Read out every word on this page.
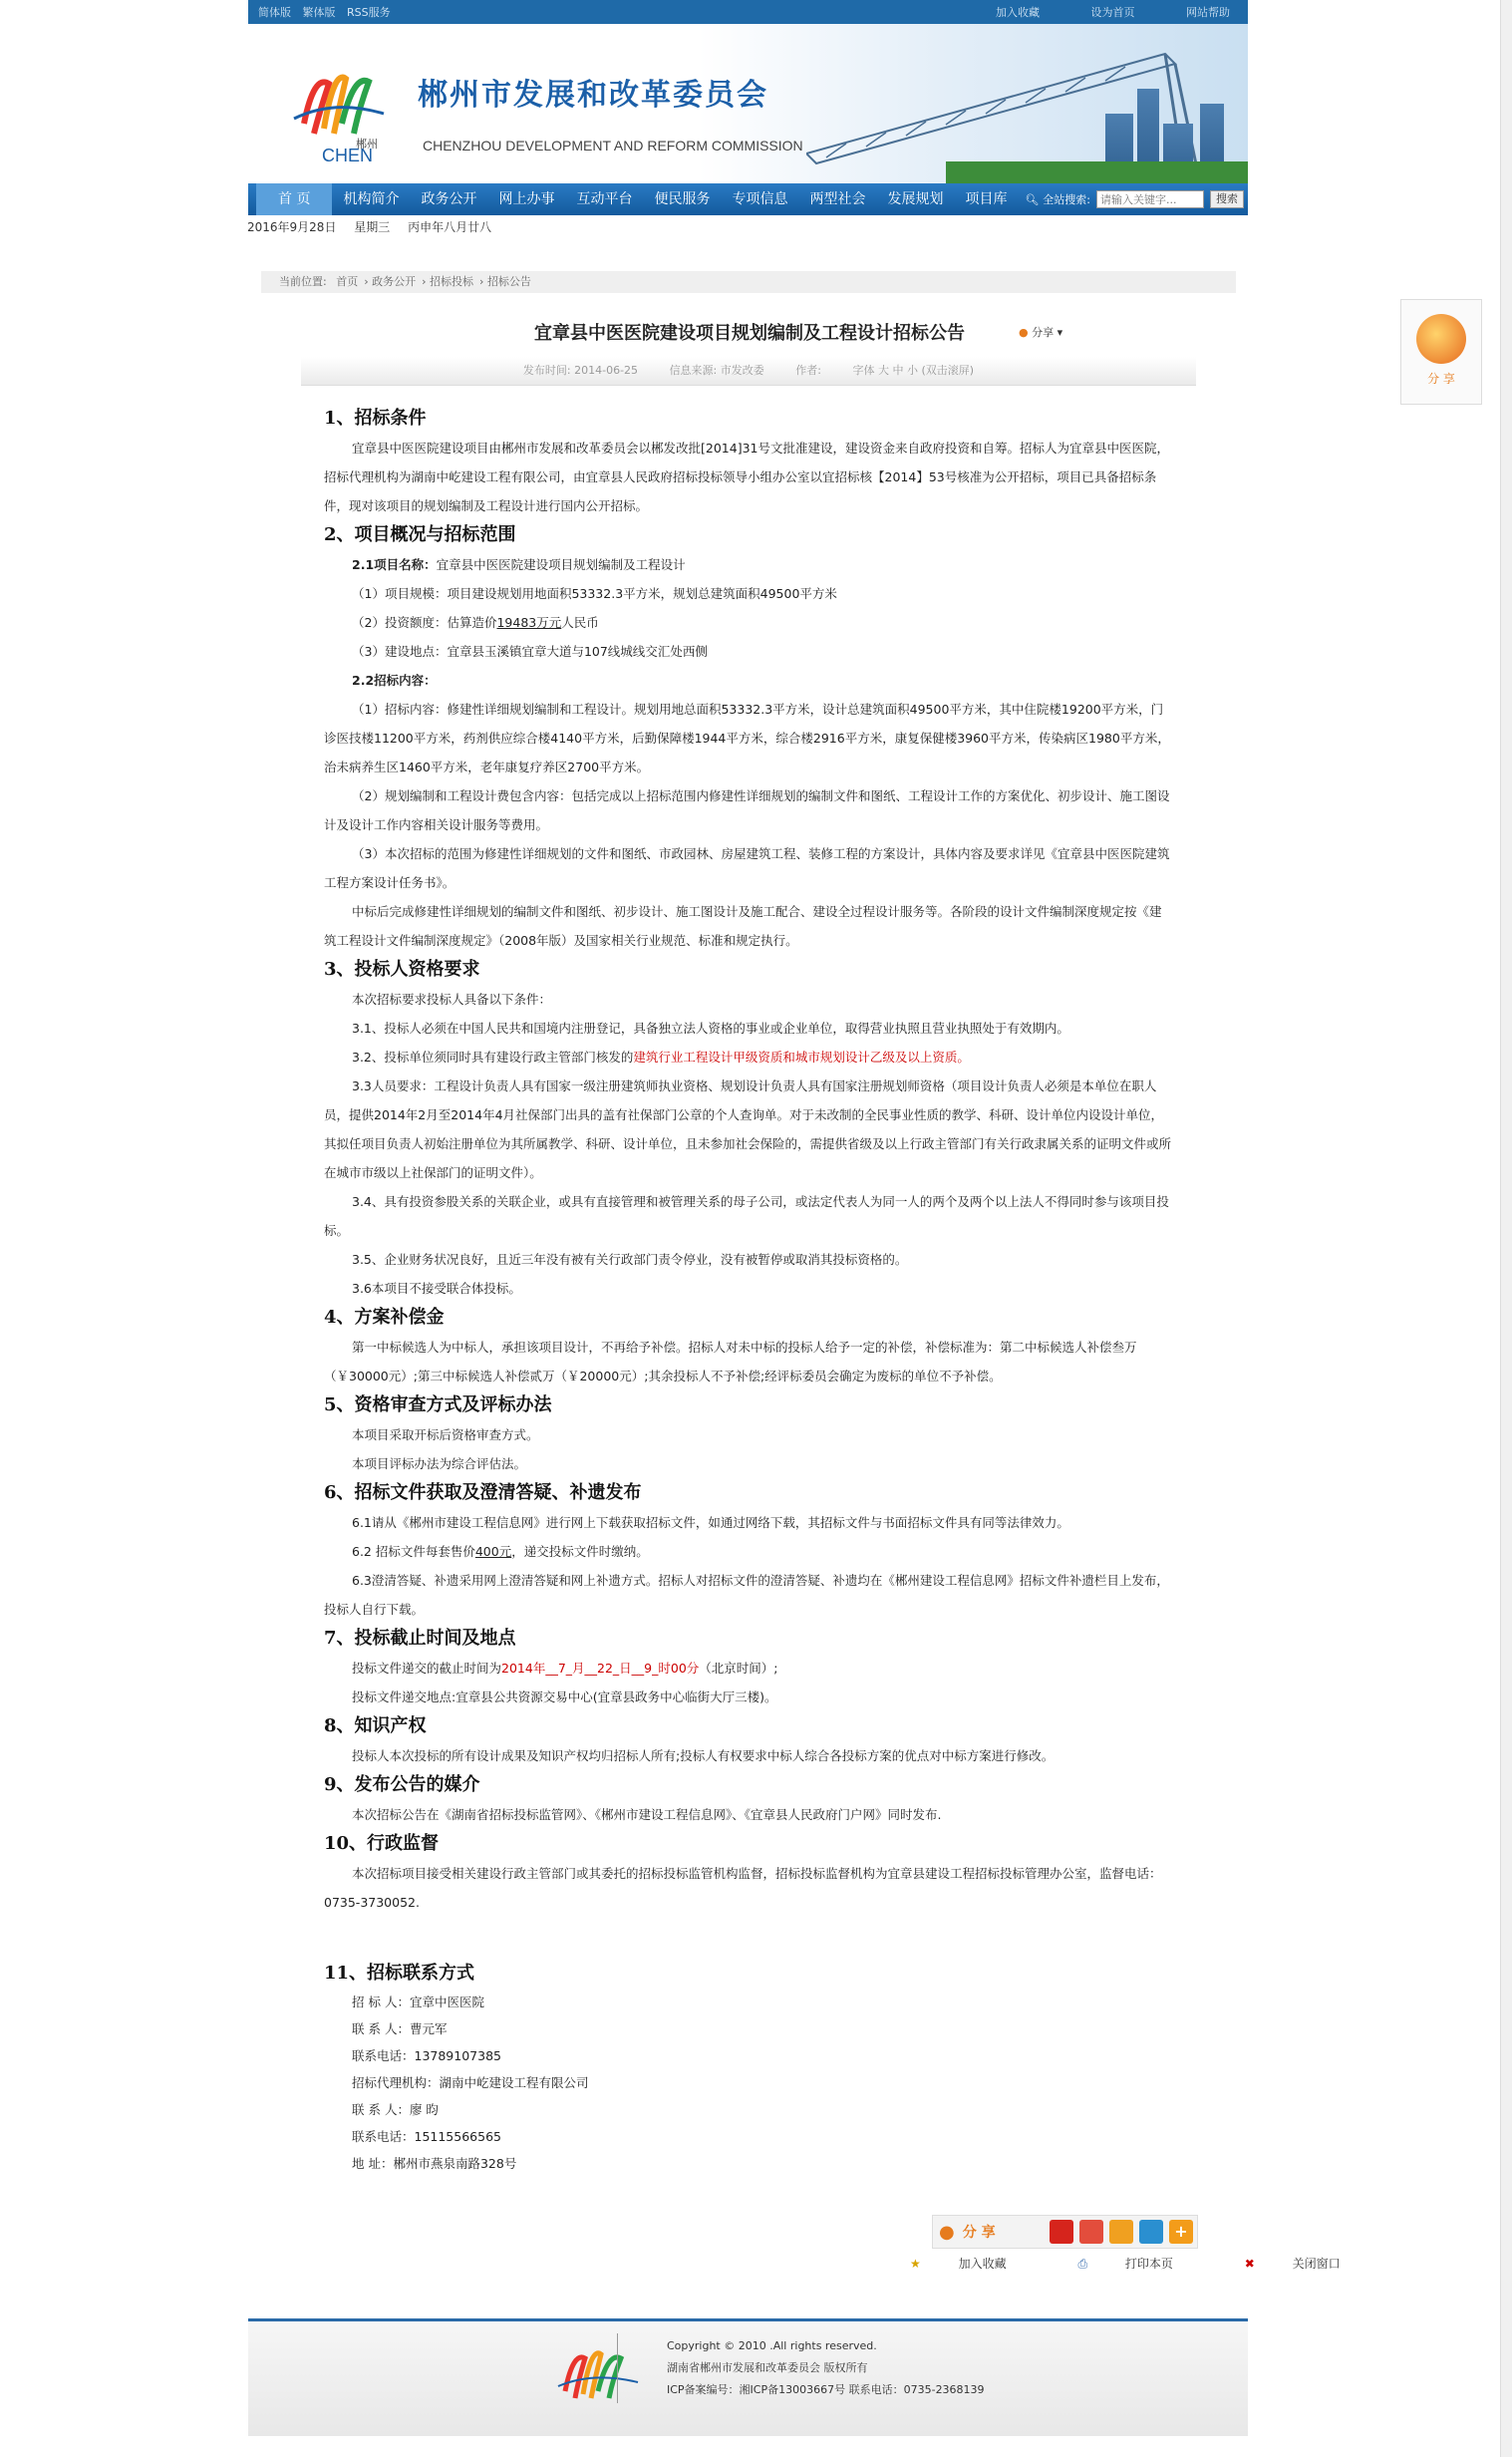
简体版 繁体版 RSS服务	加入收藏	设为首页	网站帮助
郴州
CHEN
郴州市发展和改革委员会
CHENZHOU DEVELOPMENT AND REFORM COMMISSION
首 页	机构简介	政务公开	网上办事	互动平台	便民服务	专项信息	两型社会	发展规划	项目库	🔍︎ 全站搜索:
请输入关键字...	搜索
2016年9月28日 星期三 丙申年八月廿八
当前位置: 首页 › 政务公开 › 招标投标 › 招标公告
宜章县中医医院建设项目规划编制及工程设计招标公告	● 分享 ▾
发布时间: 2014-06-25	信息来源: 市发改委	作者:	字体 大 中 小 (双击滚屏)
1、招标条件

宜章县中医医院建设项目由郴州市发展和改革委员会以郴发改批[2014]31号文批准建设，建设资金来自政府投资和自筹。招标人为宜章县中医医院，招标代理机构为湖南中屹建设工程有限公司，由宜章县人民政府招标投标领导小组办公室以宜招标核【2014】53号核准为公开招标，项目已具备招标条件，现对该项目的规划编制及工程设计进行国内公开招标。

2、项目概况与招标范围

2.1项目名称：宜章县中医医院建设项目规划编制及工程设计

（1）项目规模：项目建设规划用地面积53332.3平方米，规划总建筑面积49500平方米

（2）投资额度：估算造价19483万元人民币

（3）建设地点：宜章县玉溪镇宜章大道与107线城线交汇处西侧

2.2招标内容：

（1）招标内容：修建性详细规划编制和工程设计。规划用地总面积53332.3平方米，设计总建筑面积49500平方米，其中住院楼19200平方米，门诊医技楼11200平方米，药剂供应综合楼4140平方米，后勤保障楼1944平方米，综合楼2916平方米，康复保健楼3960平方米，传染病区1980平方米，治未病养生区1460平方米，老年康复疗养区2700平方米。

（2）规划编制和工程设计费包含内容：包括完成以上招标范围内修建性详细规划的编制文件和图纸、工程设计工作的方案优化、初步设计、施工图设计及设计工作内容相关设计服务等费用。

（3）本次招标的范围为修建性详细规划的文件和图纸、市政园林、房屋建筑工程、装修工程的方案设计，具体内容及要求详见《宜章县中医医院建筑工程方案设计任务书》。

中标后完成修建性详细规划的编制文件和图纸、初步设计、施工图设计及施工配合、建设全过程设计服务等。各阶段的设计文件编制深度规定按《建筑工程设计文件编制深度规定》（2008年版）及国家相关行业规范、标准和规定执行。

3、投标人资格要求

本次招标要求投标人具备以下条件：

3.1、投标人必须在中国人民共和国境内注册登记，具备独立法人资格的事业或企业单位，取得营业执照且营业执照处于有效期内。

3.2、投标单位须同时具有建设行政主管部门核发的建筑行业工程设计甲级资质和城市规划设计乙级及以上资质。

3.3人员要求：工程设计负责人具有国家一级注册建筑师执业资格、规划设计负责人具有国家注册规划师资格（项目设计负责人必须是本单位在职人员，提供2014年2月至2014年4月社保部门出具的盖有社保部门公章的个人查询单。对于未改制的全民事业性质的教学、科研、设计单位内设设计单位，其拟任项目负责人初始注册单位为其所属教学、科研、设计单位，且未参加社会保险的，需提供省级及以上行政主管部门有关行政隶属关系的证明文件或所在城市市级以上社保部门的证明文件）。

3.4、具有投资参股关系的关联企业，或具有直接管理和被管理关系的母子公司，或法定代表人为同一人的两个及两个以上法人不得同时参与该项目投标。

3.5、企业财务状况良好，且近三年没有被有关行政部门责令停业，没有被暂停或取消其投标资格的。

3.6本项目不接受联合体投标。

4、方案补偿金

第一中标候选人为中标人，承担该项目设计，不再给予补偿。招标人对未中标的投标人给予一定的补偿，补偿标准为：第二中标候选人补偿叁万（￥30000元）;第三中标候选人补偿贰万（￥20000元）;其余投标人不予补偿;经评标委员会确定为废标的单位不予补偿。

5、资格审查方式及评标办法

本项目采取开标后资格审查方式。

本项目评标办法为综合评估法。

6、招标文件获取及澄清答疑、补遗发布

6.1请从《郴州市建设工程信息网》进行网上下载获取招标文件，如通过网络下载，其招标文件与书面招标文件具有同等法律效力。

6.2 招标文件每套售价400元，递交投标文件时缴纳。

6.3澄清答疑、补遗采用网上澄清答疑和网上补遗方式。招标人对招标文件的澄清答疑、补遗均在《郴州建设工程信息网》招标文件补遗栏目上发布，投标人自行下载。

7、投标截止时间及地点

投标文件递交的截止时间为2014年__7_月__22_日__9_时00分（北京时间）;

投标文件递交地点:宜章县公共资源交易中心(宜章县政务中心临街大厅三楼)。

8、知识产权

投标人本次投标的所有设计成果及知识产权均归招标人所有;投标人有权要求中标人综合各投标方案的优点对中标方案进行修改。

9、发布公告的媒介

本次招标公告在《湖南省招标投标监管网》、《郴州市建设工程信息网》、《宜章县人民政府门户网》同时发布.

10、行政监督

本次招标项目接受相关建设行政主管部门或其委托的招标投标监管机构监督，招标投标监督机构为宜章县建设工程招标投标管理办公室，监督电话：0735-3730052.

11、招标联系方式

招 标 人：宜章中医医院

联 系 人：曹元军

联系电话：13789107385

招标代理机构：湖南中屹建设工程有限公司

联 系 人：廖 昀

联系电话：15115566565

地 址：郴州市燕泉南路328号

● 分 享	+
★	加入收藏	⎙	打印本页	✖	关闭窗口
Copyright © 2010 .All rights reserved.
湖南省郴州市发展和改革委员会 版权所有
ICP备案编号：湘ICP备13003667号 联系电话：0735-2368139
分 享
